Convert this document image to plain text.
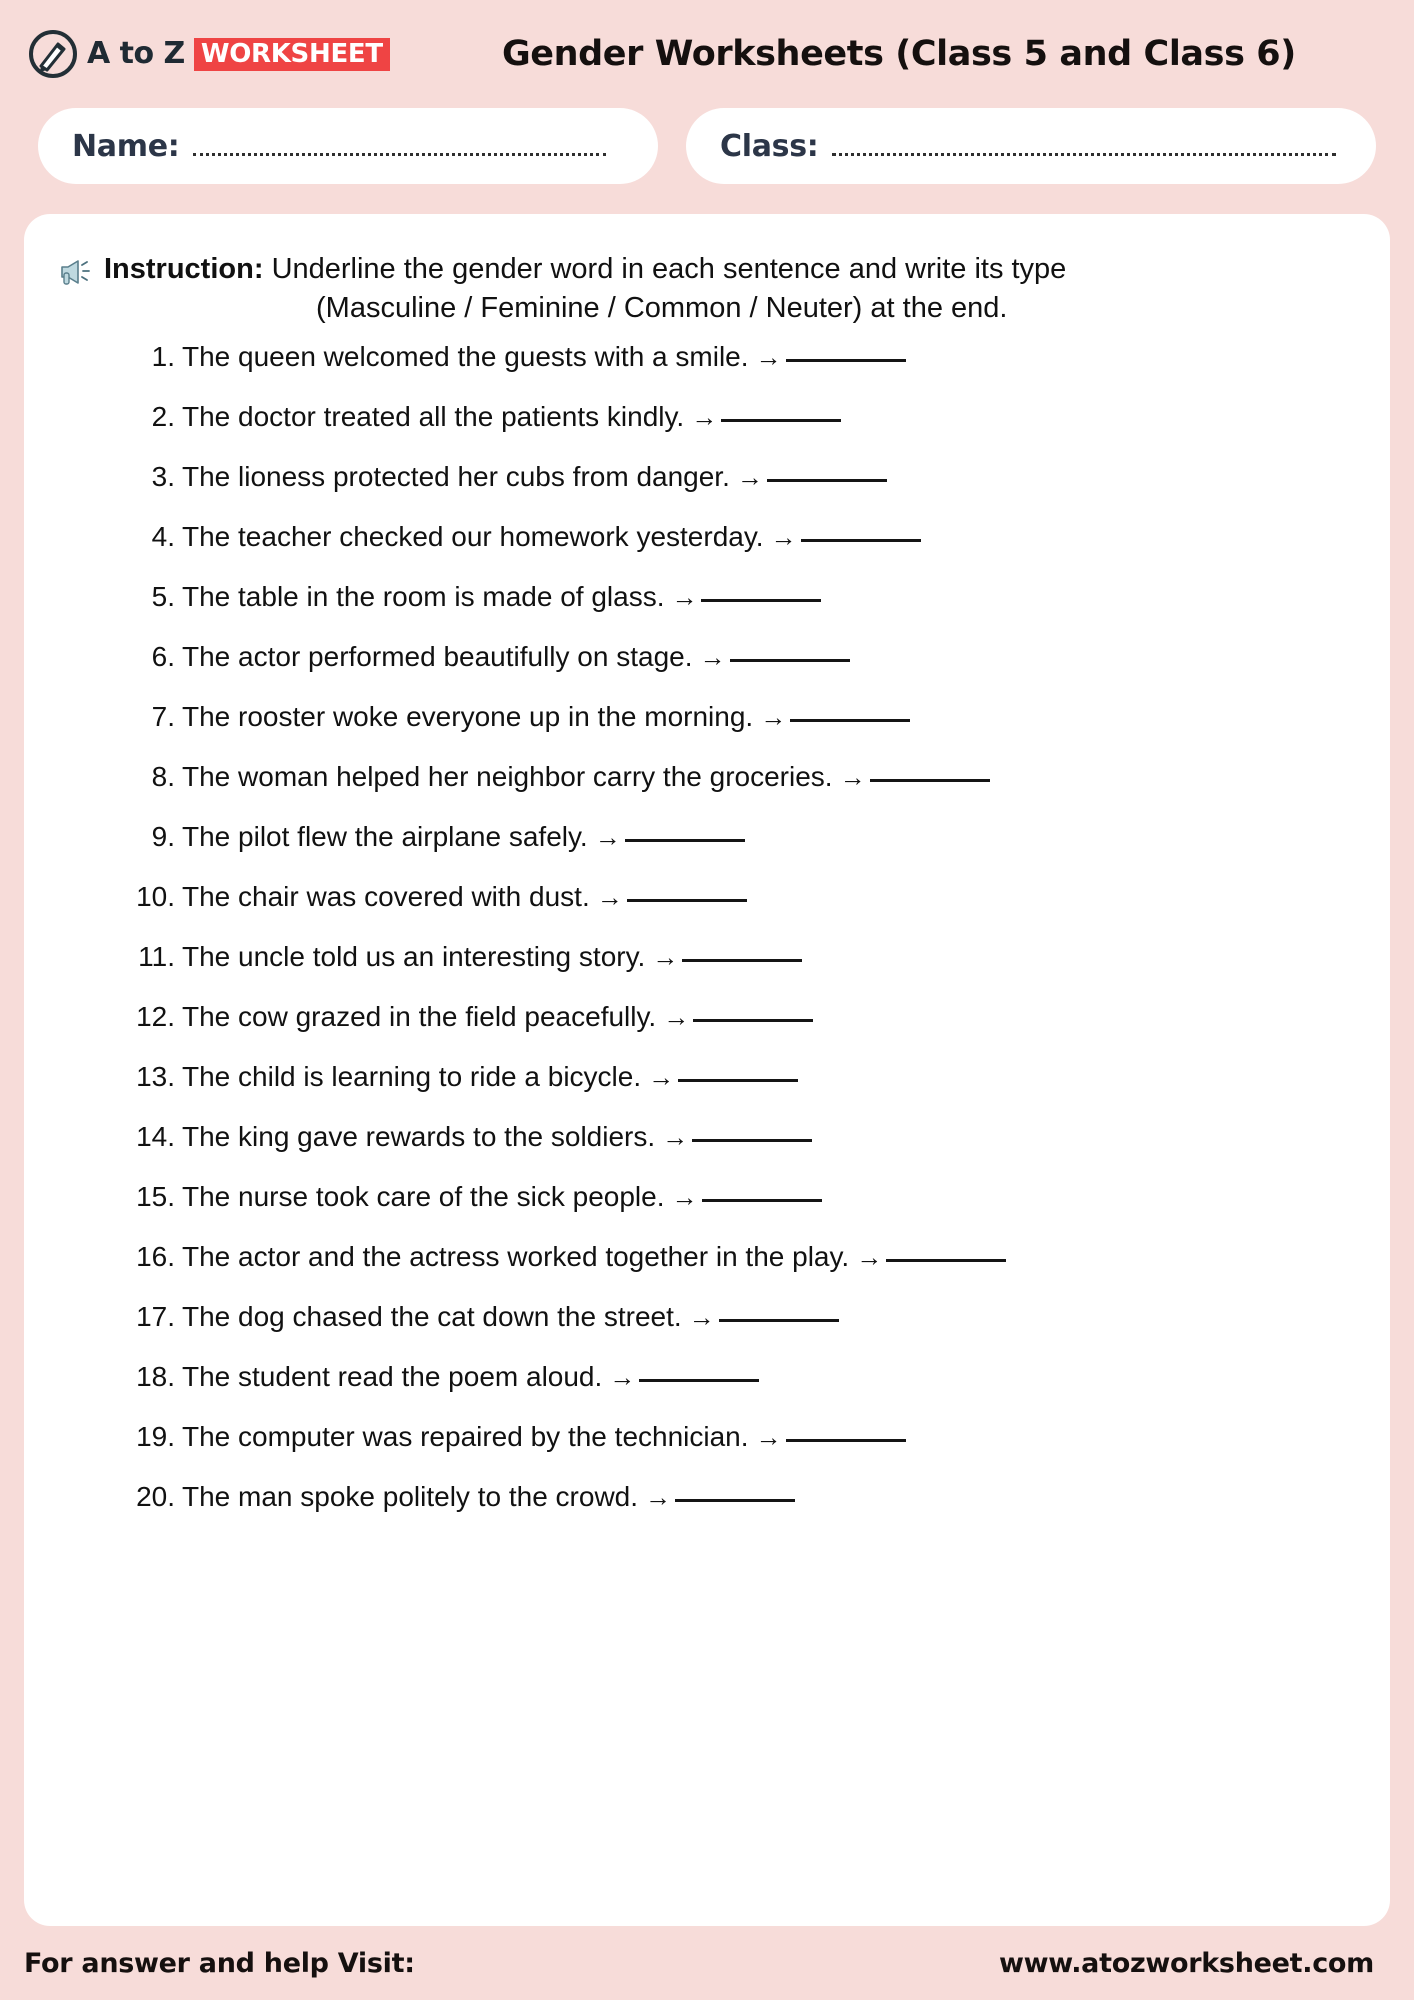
A to Z WORKSHEET	Gender Worksheets (Class 5 and Class 6)
Name:	Class:
Instruction: Underline the gender word in each sentence and write its type
(Masculine / Feminine / Common / Neuter) at the end.
1. The queen welcomed the guests with a smile. →
2. The doctor treated all the patients kindly. →
3. The lioness protected her cubs from danger. →
4. The teacher checked our homework yesterday. →
5. The table in the room is made of glass. →
6. The actor performed beautifully on stage. →
7. The rooster woke everyone up in the morning. →
8. The woman helped her neighbor carry the groceries. →
9. The pilot flew the airplane safely. →
10. The chair was covered with dust. →
11. The uncle told us an interesting story. →
12. The cow grazed in the field peacefully. →
13. The child is learning to ride a bicycle. →
14. The king gave rewards to the soldiers. →
15. The nurse took care of the sick people. →
16. The actor and the actress worked together in the play. →
17. The dog chased the cat down the street. →
18. The student read the poem aloud. →
19. The computer was repaired by the technician. →
20. The man spoke politely to the crowd. →
For answer and help Visit:	www.atozworksheet.com
